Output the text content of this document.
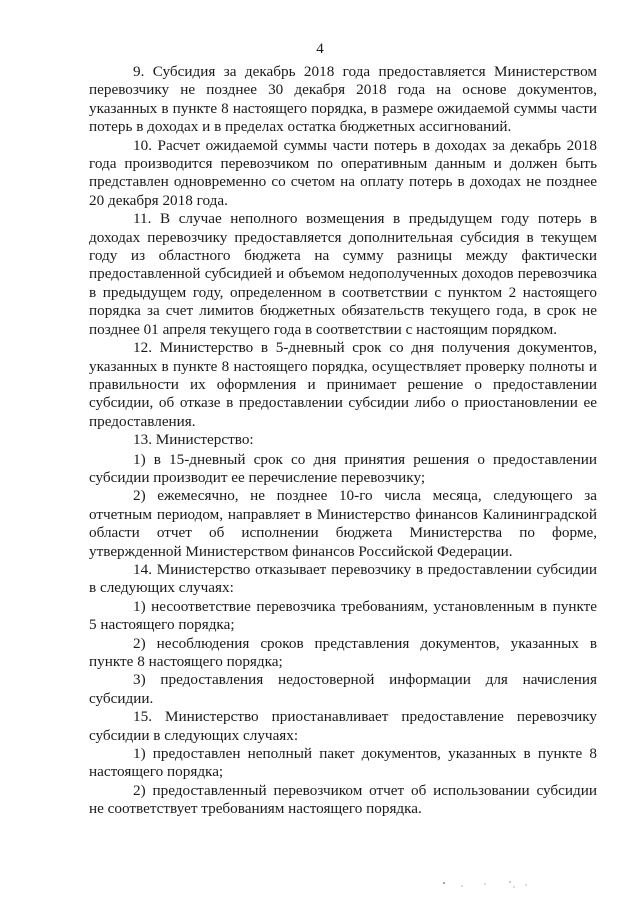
4

9. Субсидия за декабрь 2018 года предоставляется Министерством перевозчику не позднее 30 декабря 2018 года на основе документов, указанных в пункте 8 настоящего порядка, в размере ожидаемой суммы части потерь в доходах и в пределах остатка бюджетных ассигнований.

10. Расчет ожидаемой суммы части потерь в доходах за декабрь 2018 года производится перевозчиком по оперативным данным и должен быть представлен одновременно со счетом на оплату потерь в доходах не позднее 20 декабря 2018 года.

11. В случае неполного возмещения в предыдущем году потерь в доходах перевозчику предоставляется дополнительная субсидия в текущем году из областного бюджета на сумму разницы между фактически предоставленной субсидией и объемом недополученных доходов перевозчика в предыдущем году, определенном в соответствии с пунктом 2 настоящего порядка за счет лимитов бюджетных обязательств текущего года, в срок не позднее 01 апреля текущего года в соответствии с настоящим порядком.

12. Министерство в 5-дневный срок со дня получения документов, указанных в пункте 8 настоящего порядка, осуществляет проверку полноты и правильности их оформления и принимает решение о предоставлении субсидии, об отказе в предоставлении субсидии либо о приостановлении ее предоставления.

13. Министерство:

1) в 15-дневный срок со дня принятия решения о предоставлении субсидии производит ее перечисление перевозчику;

2) ежемесячно, не позднее 10-го числа месяца, следующего за отчетным периодом, направляет в Министерство финансов Калининградской области отчет об исполнении бюджета Министерства по форме, утвержденной Министерством финансов Российской Федерации.

14. Министерство отказывает перевозчику в предоставлении субсидии в следующих случаях:

1) несоответствие перевозчика требованиям, установленным в пункте 5 настоящего порядка;

2) несоблюдения сроков представления документов, указанных в пункте 8 настоящего порядка;

3) предоставления недостоверной информации для начисления субсидии.

15. Министерство приостанавливает предоставление перевозчику субсидии в следующих случаях:

1) предоставлен неполный пакет документов, указанных в пункте 8 настоящего порядка;

2) предоставленный перевозчиком отчет об использовании субсидии не соответствует требованиям настоящего порядка.
